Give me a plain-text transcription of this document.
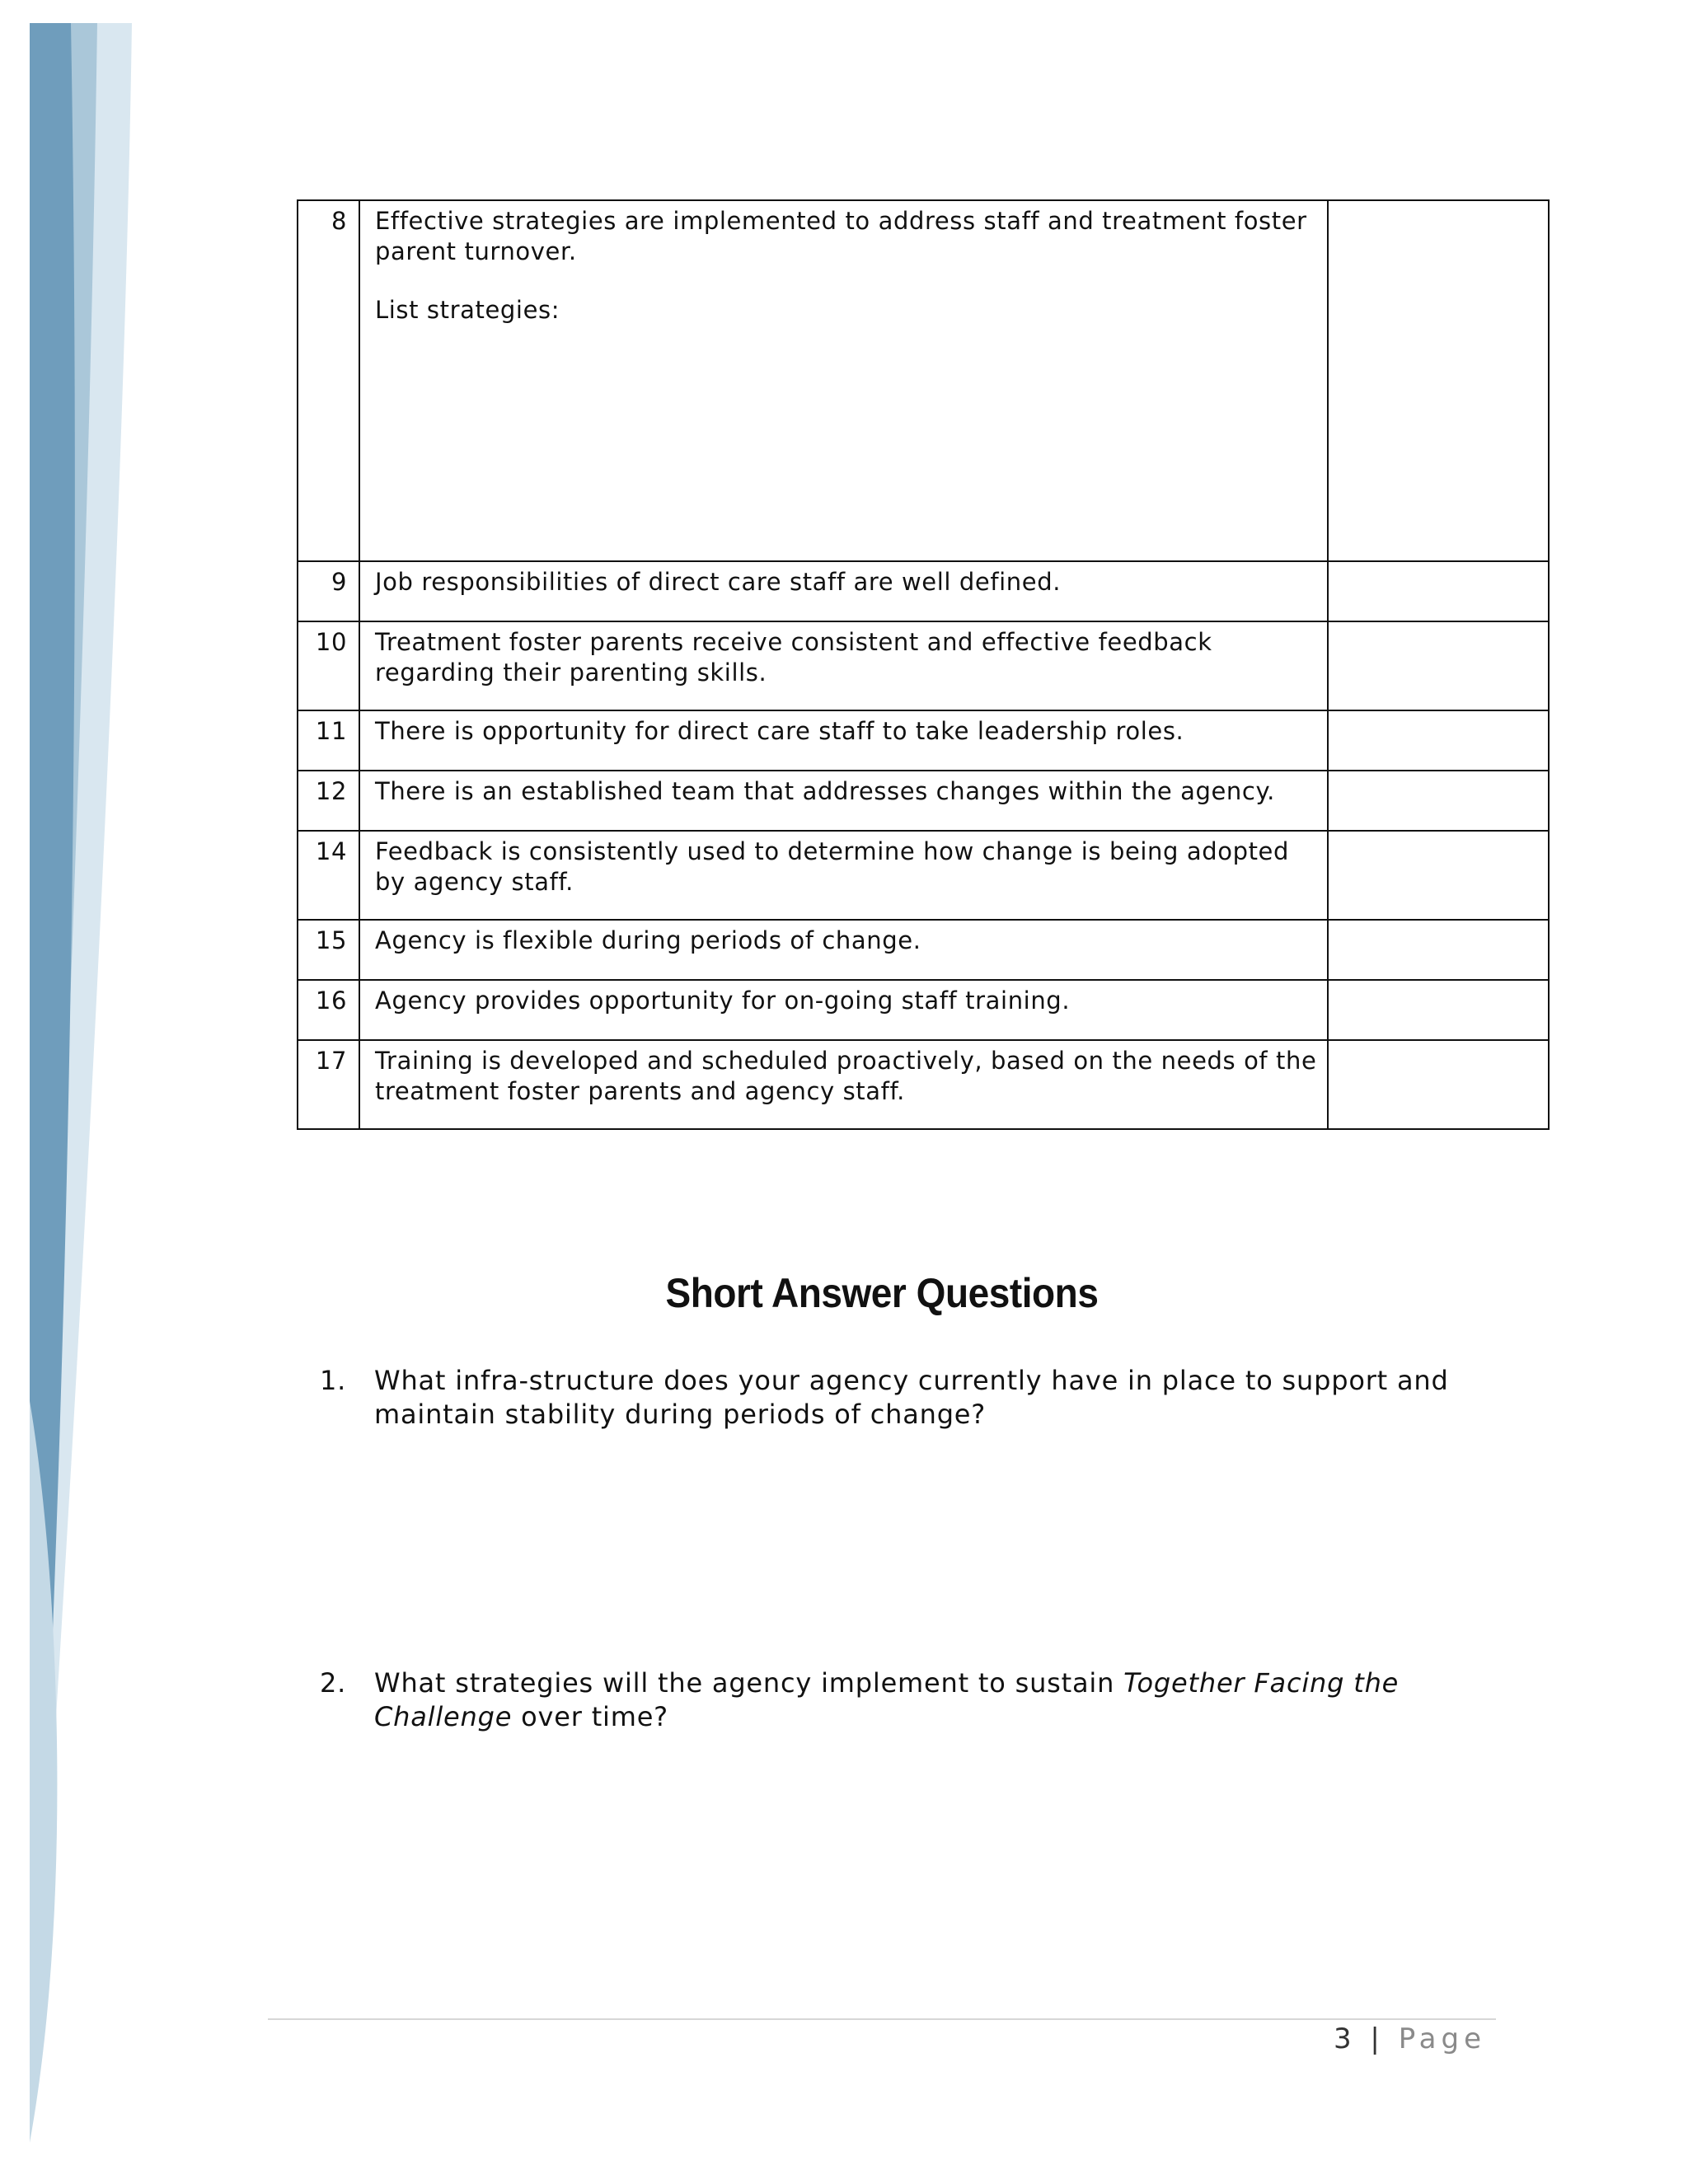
8	Effective strategies are implemented to address staff and treatment foster parent turnover.
List strategies:	

9	Job responsibilities of direct care staff are well defined.	
10	Treatment foster parents receive consistent and effective feedback regarding their parenting skills.	
11	There is opportunity for direct care staff to take leadership roles.	
12	There is an established team that addresses changes within the agency.	
14	Feedback is consistently used to determine how change is being adopted by agency staff.	
15	Agency is flexible during periods of change.	
16	Agency provides opportunity for on-going staff training.	
17	Training is developed and scheduled proactively, based on the needs of the treatment foster parents and agency staff.	
Short Answer Questions
1. What infra-structure does your agency currently have in place to support and maintain stability during periods of change?
2. What strategies will the agency implement to sustain Together Facing the Challenge over time?
3 | Page
